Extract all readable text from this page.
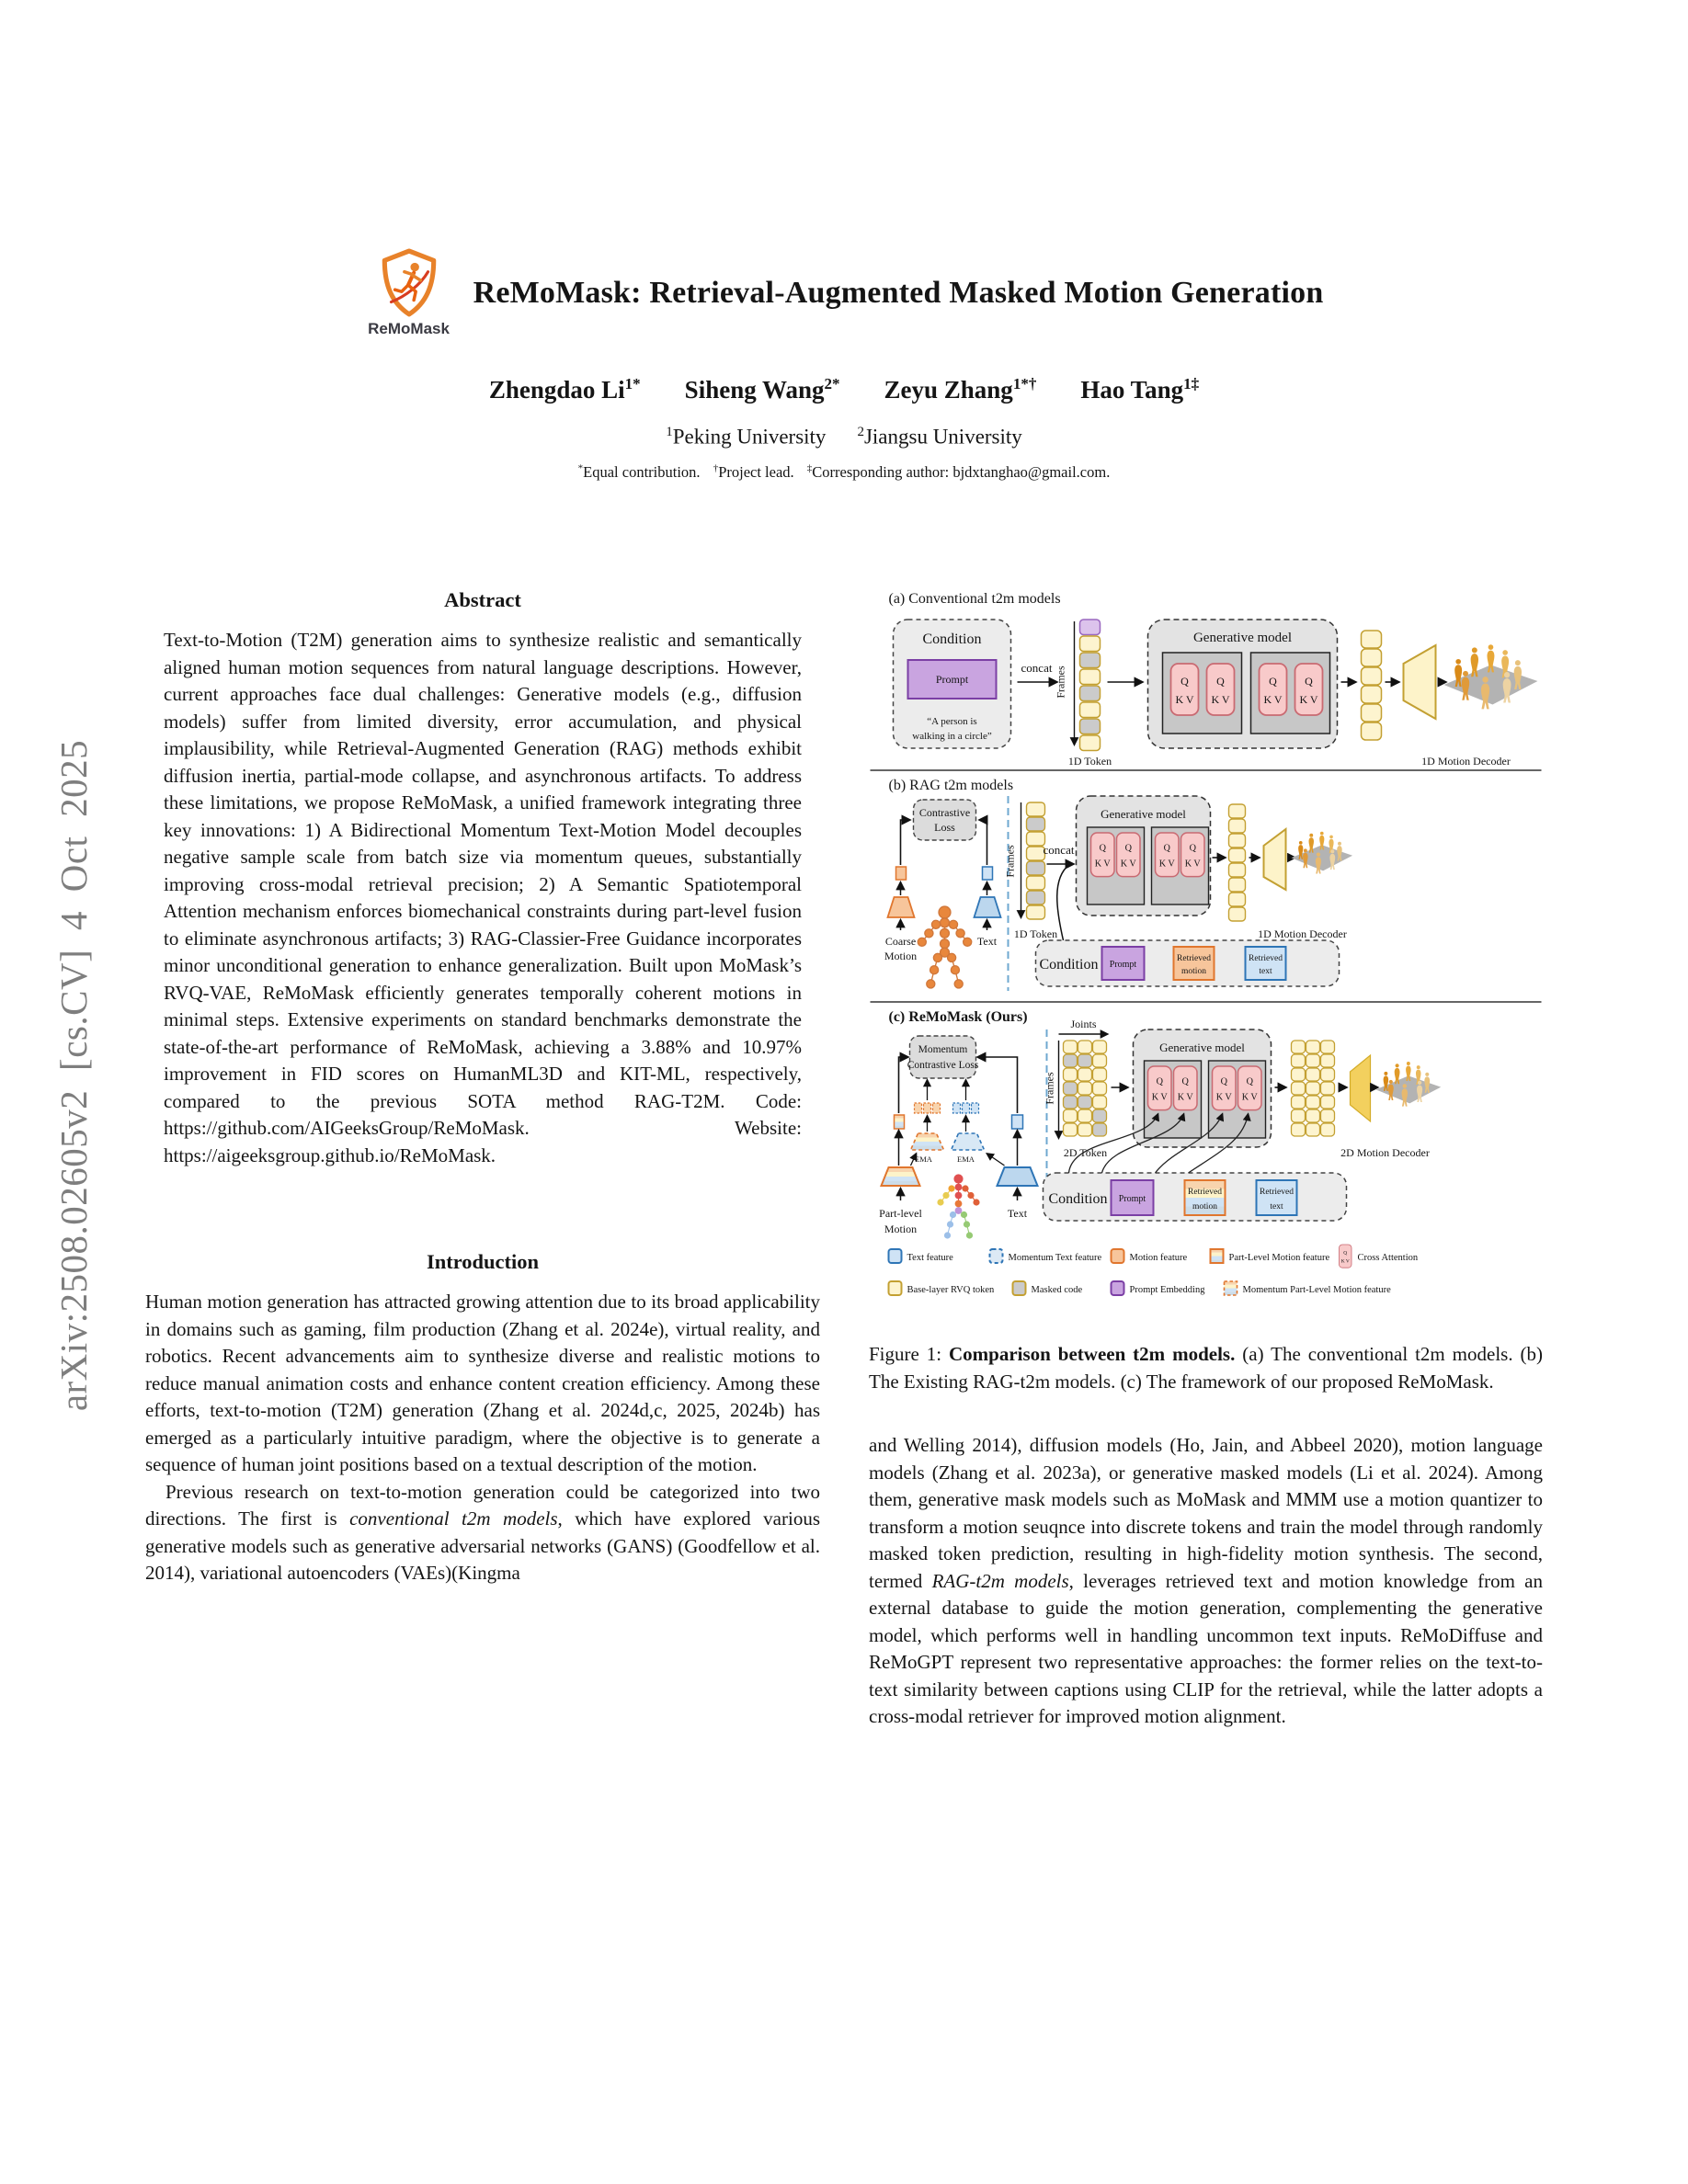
arXiv:2508.02605v2 [cs.CV] 4 Oct 2025
ReMoMask
ReMoMask: Retrieval-Augmented Masked Motion Generation
Zhengdao $Li^{1*}$ Siheng Wang$^{2*}$ Zeyu Zhang$^{1*\dagger}$ Hao Tang$^{1\ddagger}$
$^1$Peking University $^2$Jiangsu University
*Equal contribution. †Project lead. ‡Corresponding author: bjdxtanghao@gmail.com.
Abstract

Text-to-Motion (T2M) generation aims to synthesize realistic and semantically aligned human motion sequences from natural language descriptions. However, current approaches face dual challenges: Generative models (e.g., diffusion models) suffer from limited diversity, error accumulation, and physical implausibility, while Retrieval-Augmented Generation (RAG) methods exhibit diffusion inertia, partial-mode collapse, and asynchronous artifacts. To address these limitations, we propose ReMoMask, a unified framework integrating three key innovations: 1) A Bidirectional Momentum Text-Motion Model decouples negative sample scale from batch size via momentum queues, substantially improving cross-modal retrieval precision; 2) A Semantic Spatiotemporal Attention mechanism enforces biomechanical constraints during part-level fusion to eliminate asynchronous artifacts; 3) RAG-Classier-Free Guidance incorporates minor unconditional generation to enhance generalization. Built upon MoMask’s RVQ-VAE, ReMoMask efficiently generates temporally coherent motions in minimal steps. Extensive experiments on standard benchmarks demonstrate the state-of-the-art performance of ReMoMask, achieving a 3.88% and 10.97% improvement in FID scores on HumanML3D and KIT-ML, respectively, compared to the previous SOTA method RAG-T2M. Code: https://github.com/AIGeeksGroup/ReMoMask. Website: https://aigeeksgroup.github.io/ReMoMask.

Introduction

Human motion generation has attracted growing attention due to its broad applicability in domains such as gaming, film production (Zhang et al. 2024e), virtual reality, and robotics. Recent advancements aim to synthesize diverse and realistic motions to reduce manual animation costs and enhance content creation efficiency. Among these efforts, text-to-motion (T2M) generation (Zhang et al. 2024d,c, 2025, 2024b) has emerged as a particularly intuitive paradigm, where the objective is to generate a sequence of human joint positions based on a textual description of the motion.

Previous research on text-to-motion generation could be categorized into two directions. The first is conventional t2m models, which have explored various generative models such as generative adversarial networks (GANS) (Goodfellow et al. 2014), variational autoencoders (VAEs)(Kingma

Q
K V
(a) Conventional t2m models
Condition
Prompt
“A person is
walking in a circle”
concat Frames
1D Token
Generative model
1D Motion Decoder
(b) RAG t2m models
Contrastive
Loss
Coarse
Motion
Text
Frames
1D Token
concat
Generative model
1D Motion Decoder
Condition Prompt
Retrieved
motion
Retrieved
text
(c) ReMoMask (Ours)
Momentum
Contrastive Loss
EMA	EMA
Part-level
Motion
Text
Joints
Frames
2D Token
Generative model
2D Motion Decoder
Condition Prompt
Retrieved
motion
Retrieved
text
Text feature	Momentum Text feature	Motion feature	Part-Level Motion feature	Cross Attention
Base-layer RVQ token	Masked code	Prompt Embedding	Momentum Part-Level Motion feature

Figure 1: Comparison between t2m models. (a) The conventional t2m models. (b) The Existing RAG-t2m models. (c) The framework of our proposed ReMoMask.

and Welling 2014), diffusion models (Ho, Jain, and Abbeel 2020), motion language models (Zhang et al. 2023a), or generative masked models (Li et al. 2024). Among them, generative mask models such as MoMask and MMM use a motion quantizer to transform a motion seuqnce into discrete tokens and train the model through randomly masked token prediction, resulting in high-fidelity motion synthesis. The second, termed RAG-t2m models, leverages retrieved text and motion knowledge from an external database to guide the motion generation, complementing the generative model, which performs well in handling uncommon text inputs. ReMoDiffuse and ReMoGPT represent two representative approaches: the former relies on the text-to-text similarity between captions using CLIP for the retrieval, while the latter adopts a cross-modal retriever for improved motion alignment.
